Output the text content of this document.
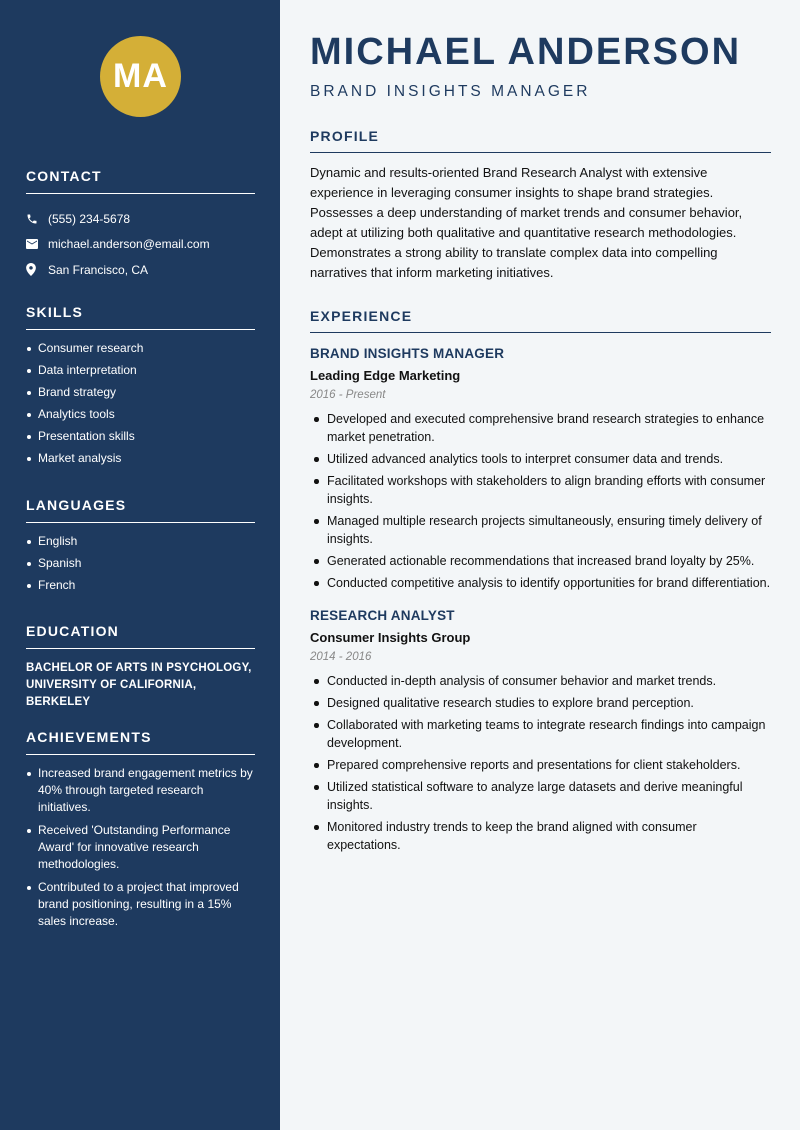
MA
CONTACT
(555) 234-5678
michael.anderson@email.com
San Francisco, CA
SKILLS
Consumer research
Data interpretation
Brand strategy
Analytics tools
Presentation skills
Market analysis
LANGUAGES
English
Spanish
French
EDUCATION

BACHELOR OF ARTS IN PSYCHOLOGY, UNIVERSITY OF CALIFORNIA, BERKELEY

ACHIEVEMENTS
Increased brand engagement metrics by 40% through targeted research initiatives.
Received 'Outstanding Performance Award' for innovative research methodologies.
Contributed to a project that improved brand positioning, resulting in a 15% sales increase.
MICHAEL ANDERSON
BRAND INSIGHTS MANAGER
PROFILE

Dynamic and results-oriented Brand Research Analyst with extensive experience in leveraging consumer insights to shape brand strategies. Possesses a deep understanding of market trends and consumer behavior, adept at utilizing both qualitative and quantitative research methodologies. Demonstrates a strong ability to translate complex data into compelling narratives that inform marketing initiatives.

EXPERIENCE
BRAND INSIGHTS MANAGER
Leading Edge Marketing
2016 - Present
Developed and executed comprehensive brand research strategies to enhance market penetration.
Utilized advanced analytics tools to interpret consumer data and trends.
Facilitated workshops with stakeholders to align branding efforts with consumer insights.
Managed multiple research projects simultaneously, ensuring timely delivery of insights.
Generated actionable recommendations that increased brand loyalty by 25%.
Conducted competitive analysis to identify opportunities for brand differentiation.
RESEARCH ANALYST
Consumer Insights Group
2014 - 2016
Conducted in-depth analysis of consumer behavior and market trends.
Designed qualitative research studies to explore brand perception.
Collaborated with marketing teams to integrate research findings into campaign development.
Prepared comprehensive reports and presentations for client stakeholders.
Utilized statistical software to analyze large datasets and derive meaningful insights.
Monitored industry trends to keep the brand aligned with consumer expectations.
